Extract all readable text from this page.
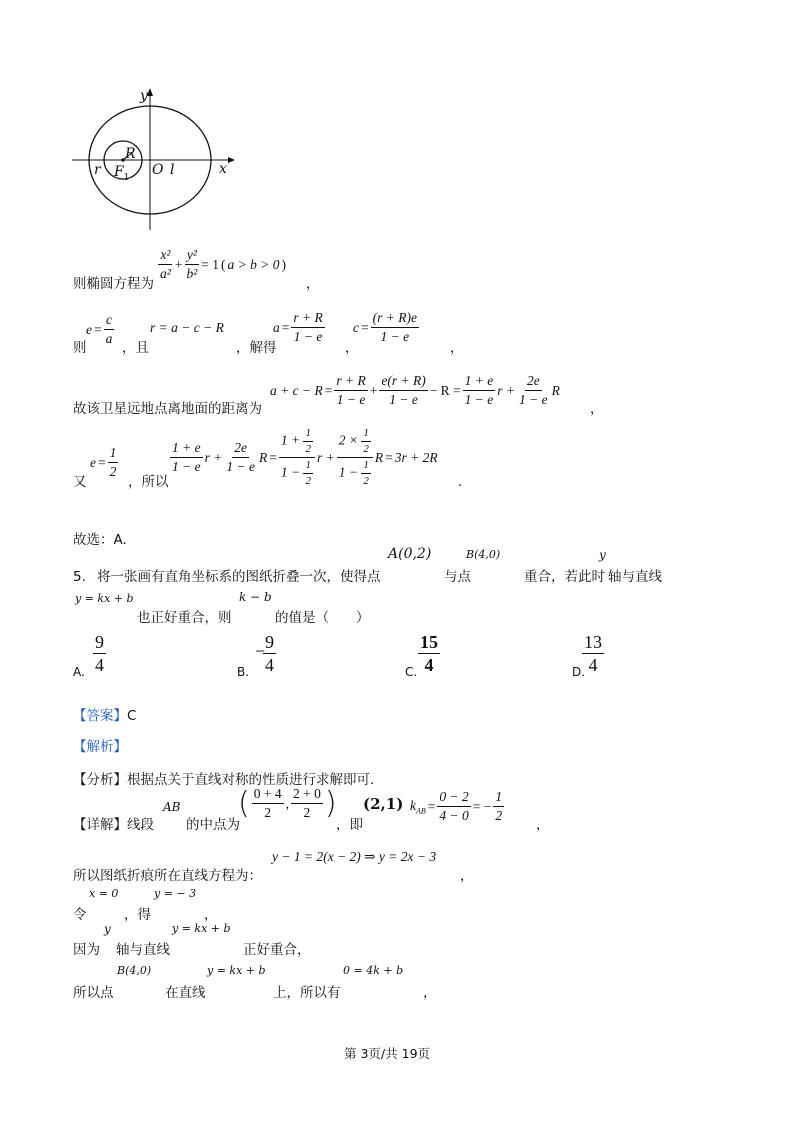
y
x
R
r $F_1$ O l
则椭圆方程为
$\frac{\text{x²}}{\text{a²}} + \frac{\text{y²}}{\text{b²}} = 1$ ( a > b > 0 )
，
则
$e = \frac{c}{a}$
，且
r = a − c − R
，解得
$a = \frac{r + R}{1 - e}$
，
$c = \frac{(r + R)e}{1 - e}$
，
故该卫星远地点离地面的距离为
$a + c - R = \frac{r + R}{1 - e} + \frac{e(r + R)}{1 - e} - R = \frac{1 + e}{1 - e}$ $r + \frac{2e}{1 - e}$ R
，
又
$e = \frac{1}{2}$
，所以
$\frac{1 + e}{1 - e}$ $r + \frac{2e}{1 - e}$ $R = \frac{1 + \frac{1}{2}}{1 - \frac{1}{2}}$ $r + \frac{2 \times \frac{1}{2}}{1 - \frac{1}{2}}$ R = 3r + 2R
.
故选：A.
A(0,2)	B(4,0)	y
5. 将一张画有直角坐标系的图纸折叠一次，使得点	与点	重合，若此时 轴与直线
y = kx + b	k − b
也正好重合，则	的值是（　　）
A. $\frac{9}{4}$	B.
−
$\frac{9}{4}$	C. $\frac{15}{4}$	D.
$\frac{13}{4}$
【答案】C
【解析】
【分析】根据点关于直线对称的性质进行求解即可.
AB
【详解】线段 的中点为
( $\frac{0 + 4}{2}$ , $\frac{2 + 0}{2}$ )
，即
(2,1) $k_{AB} = \frac{0 - 2}{4 - 0}$ = − $\frac{1}{2}$
，
y − 1 = 2(x − 2) ⇒ y = 2x − 3
所以图纸折痕所在直线方程为：	，
x = 0	y = − 3
令	，得	，
y	y = kx + b
因为 轴与直线	正好重合，
B(4,0)	y = kx + b	0 = 4k + b
所以点	在直线	上，所以有	，
第 3页/共 19页
